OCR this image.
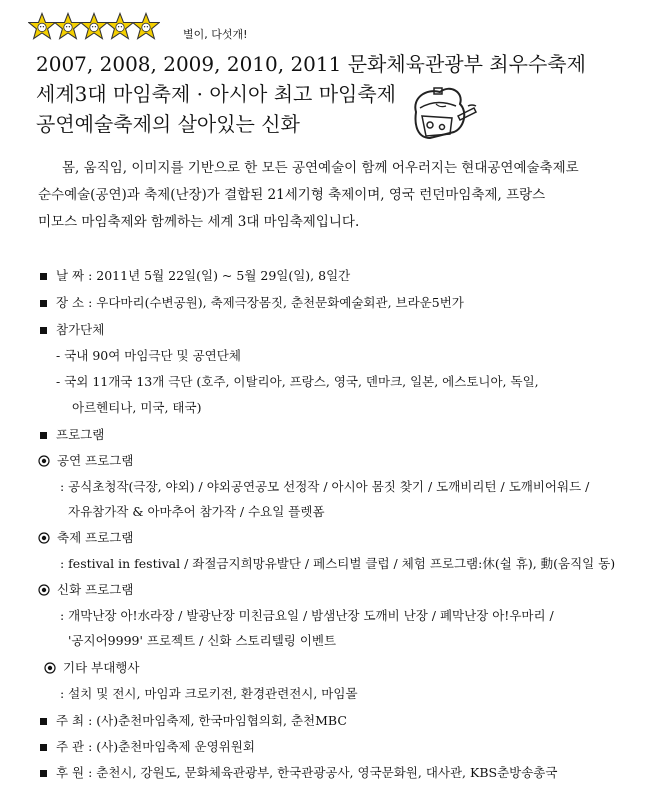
별이, 다섯개!
2007, 2008, 2009, 2010, 2011 문화체육관광부 최우수축제
세계3대 마임축제 · 아시아 최고 마임축제
공연예술축제의 살아있는 신화

몸, 움직임, 이미지를 기반으로 한 모든 공연예술이 함께 어우러지는 현대공연예술축제로

순수예술(공연)과 축제(난장)가 결합된 21세기형 축제이며, 영국 런던마임축제, 프랑스

미모스 마임축제와 함께하는 세계 3대 마임축제입니다.

날 짜 : 2011년 5월 22일(일) ~ 5월 29일(일), 8일간
장 소 : 우다마리(수변공원), 축제극장몸짓, 춘천문화예술회관, 브라운5번가
참가단체
- 국내 90여 마임극단 및 공연단체
- 국외 11개국 13개 극단 (호주, 이탈리아, 프랑스, 영국, 덴마크, 일본, 에스토니아, 독일,
아르헨티나, 미국, 태국)
프로그램
공연 프로그램
: 공식초청작(극장, 야외) / 야외공연공모 선정작 / 아시아 몸짓 찾기 / 도깨비리턴 / 도깨비어워드 /
자유참가작 & 아마추어 참가작 / 수요일 플렛폼
축제 프로그램
: festival in festival / 좌절금지희망유발단 / 페스티벌 클럽 / 체험 프로그램:休(쉴 휴), 動(움직일 동)
신화 프로그램
: 개막난장 아!水라장 / 발광난장 미친금요일 / 밤샘난장 도깨비 난장 / 폐막난장 아!우마리 /
'공지어9999' 프로젝트 / 신화 스토리텔링 이벤트
기타 부대행사
: 설치 및 전시, 마임과 크로키전, 환경관련전시, 마임몰
주 최 : (사)춘천마임축제, 한국마임협의회, 춘천MBC
주 관 : (사)춘천마임축제 운영위원회
후 원 : 춘천시, 강원도, 문화체육관광부, 한국관광공사, 영국문화원, 대사관, KBS춘방송총국
